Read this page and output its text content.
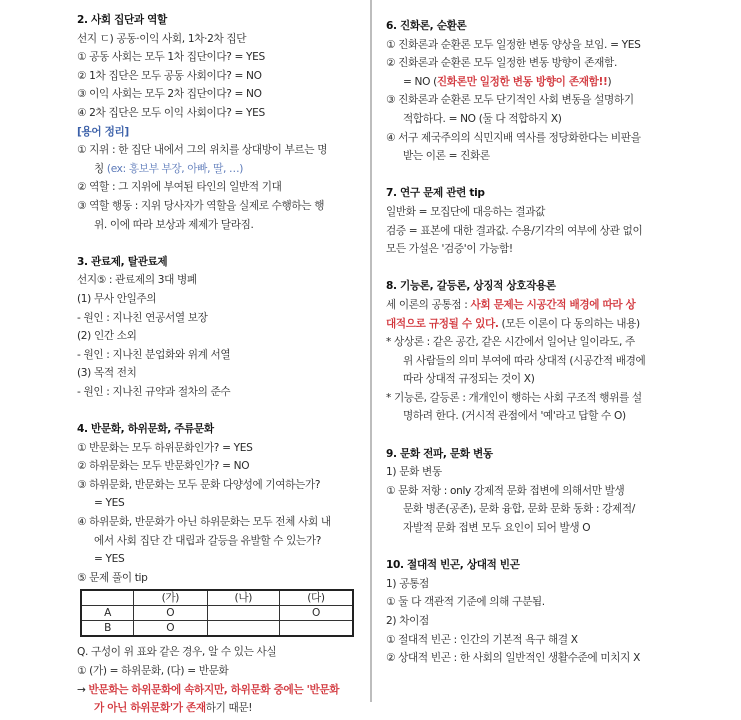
2. 사회 집단과 역할
선지 ㄷ) 공동·이익 사회, 1차·2차 집단
① 공동 사회는 모두 1차 집단이다? = YES
② 1차 집단은 모두 공동 사회이다? = NO
③ 이익 사회는 모두 2차 집단이다? = NO
④ 2차 집단은 모두 이익 사회이다? = YES
[용어 정리]
① 지위 : 한 집단 내에서 그의 위치를 상대방이 부르는 명
칭 (ex: 홍보부 부장, 아빠, 딸, …)
② 역할 : 그 지위에 부여된 타인의 일반적 기대
③ 역할 행동 : 지위 당사자가 역할을 실제로 수행하는 행
위. 이에 따라 보상과 제제가 달라짐.
3. 관료제, 탈관료제
선지⑤ : 관료제의 3대 병폐
(1) 무사 안일주의
- 원인 : 지나친 연공서열 보장
(2) 인간 소외
- 원인 : 지나친 분업화와 위계 서열
(3) 목적 전치
- 원인 : 지나친 규약과 절차의 준수
4. 반문화, 하위문화, 주류문화
① 반문화는 모두 하위문화인가? = YES
② 하위문화는 모두 반문화인가? = NO
③ 하위문화, 반문화는 모두 문화 다양성에 기여하는가?
= YES
④ 하위문화, 반문화가 아닌 하위문화는 모두 전체 사회 내
에서 사회 집단 간 대립과 갈등을 유발할 수 있는가?
= YES
⑤ 문제 풀이 tip
	(가)	(나)	(다)
A	O		O
B	O		
Q. 구성이 위 표와 같은 경우, 알 수 있는 사실
① (가) = 하위문화, (다) = 반문화
→ 반문화는 하위문화에 속하지만, 하위문화 중에는 '반문화
가 아닌 하위문화'가 존재하기 때문!
6. 진화론, 순환론
① 진화론과 순환론 모두 일정한 변동 양상을 보임. = YES
② 진화론과 순환론 모두 일정한 변동 방향이 존재함.
= NO (진화론만 일정한 변동 방향이 존재함!!)
③ 진화론과 순환론 모두 단기적인 사회 변동을 설명하기
적합하다. = NO (둘 다 적합하지 X)
④ 서구 제국주의의 식민지배 역사를 정당화한다는 비판을
받는 이론 = 진화론
7. 연구 문제 관련 tip
일반화 = 모집단에 대응하는 결과값
검증 = 표본에 대한 결과값. 수용/기각의 여부에 상관 없이
모든 가설은 '검증'이 가능함!
8. 기능론, 갈등론, 상징적 상호작용론
세 이론의 공통점 : 사회 문제는 시공간적 배경에 따라 상
대적으로 규정될 수 있다. (모든 이론이 다 동의하는 내용)
* 상상론 : 같은 공간, 같은 시간에서 일어난 일이라도, 주
위 사람들의 의미 부여에 따라 상대적 (시공간적 배경에
따라 상대적 규정되는 것이 X)
* 기능론, 갈등론 : 개개인이 행하는 사회 구조적 행위를 설
명하려 한다. (거시적 관점에서 '예'라고 답할 수 O)
9. 문화 전파, 문화 변동
1) 문화 변동
① 문화 저항 : only 강제적 문화 접변에 의해서만 발생
문화 병존(공존), 문화 융합, 문화 문화 동화 : 강제적/
자발적 문화 접변 모두 요인이 되어 발생 O
10. 절대적 빈곤, 상대적 빈곤
1) 공통점
① 둘 다 객관적 기준에 의해 구분됨.
2) 차이점
① 절대적 빈곤 : 인간의 기본적 욕구 해결 X
② 상대적 빈곤 : 한 사회의 일반적인 생활수준에 미치지 X
